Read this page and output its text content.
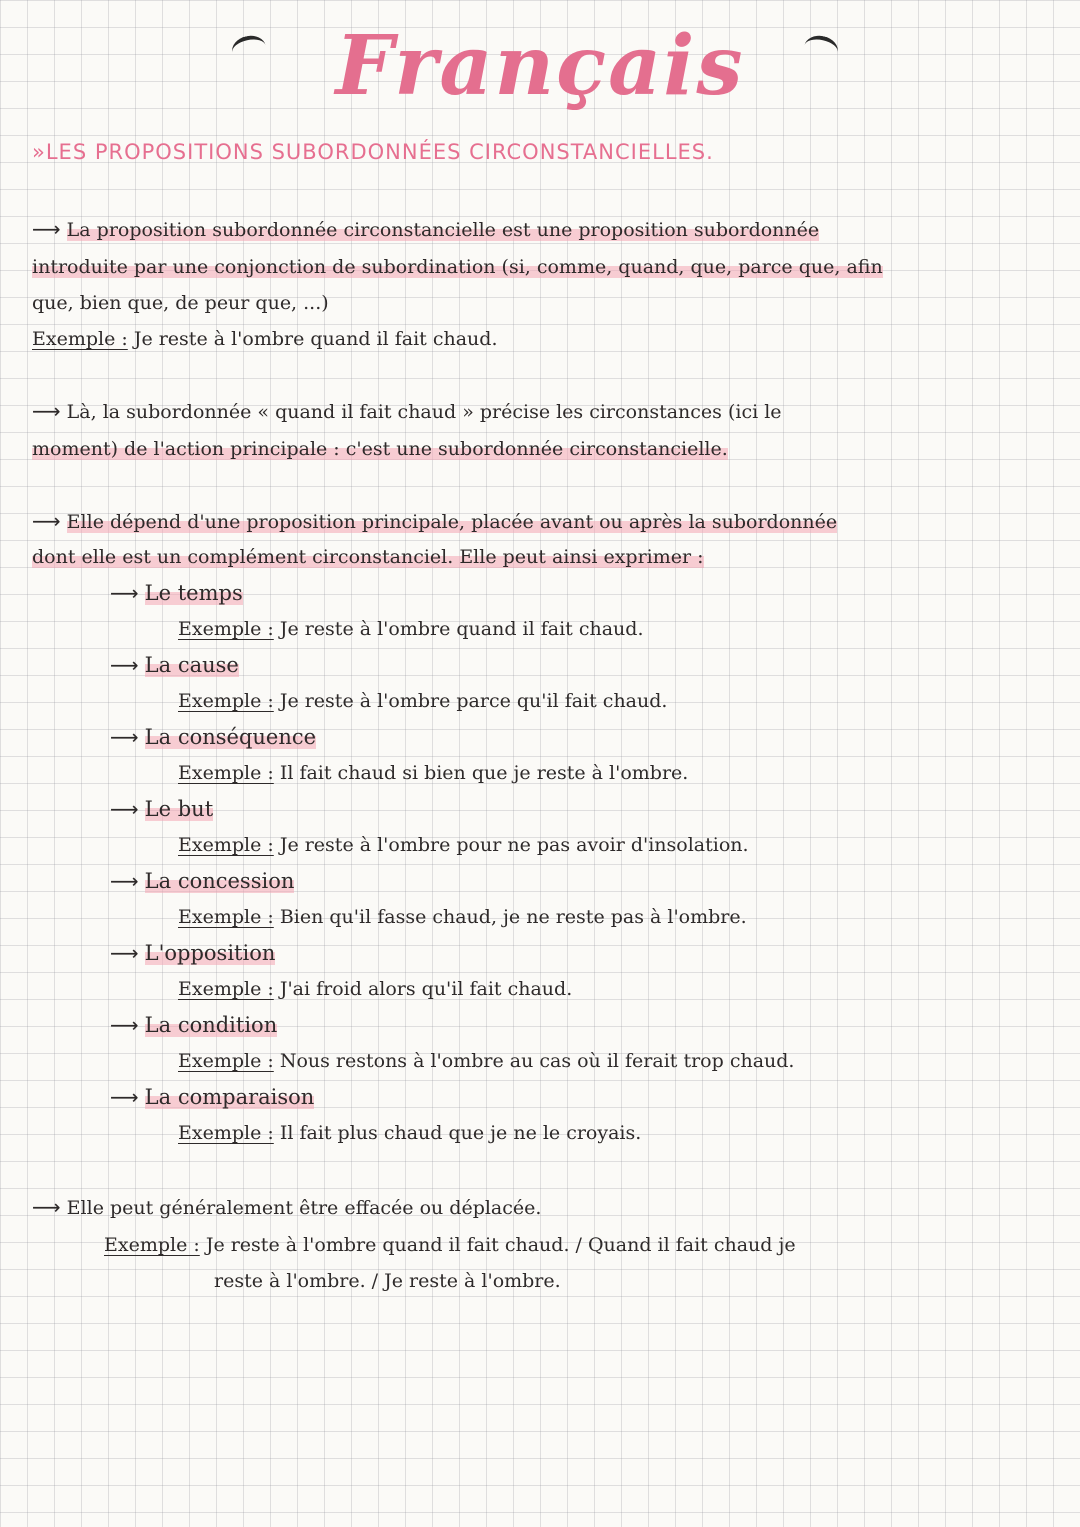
Français
»LES PROPOSITIONS SUBORDONNÉES CIRCONSTANCIELLES.
⟶ La proposition subordonnée circonstancielle est une proposition subordonnée
introduite par une conjonction de subordination (si, comme, quand, que, parce que, afin
que, bien que, de peur que, ...)
Exemple : Je reste à l'ombre quand il fait chaud.
⟶ Là, la subordonnée « quand il fait chaud » précise les circonstances (ici le
moment) de l'action principale : c'est une subordonnée circonstancielle.
⟶ Elle dépend d'une proposition principale, placée avant ou après la subordonnée
dont elle est un complément circonstanciel. Elle peut ainsi exprimer :
⟶ Le temps
Exemple : Je reste à l'ombre quand il fait chaud.
⟶ La cause
Exemple : Je reste à l'ombre parce qu'il fait chaud.
⟶ La conséquence
Exemple : Il fait chaud si bien que je reste à l'ombre.
⟶ Le but
Exemple : Je reste à l'ombre pour ne pas avoir d'insolation.
⟶ La concession
Exemple : Bien qu'il fasse chaud, je ne reste pas à l'ombre.
⟶ L'opposition
Exemple : J'ai froid alors qu'il fait chaud.
⟶ La condition
Exemple : Nous restons à l'ombre au cas où il ferait trop chaud.
⟶ La comparaison
Exemple : Il fait plus chaud que je ne le croyais.
⟶ Elle peut généralement être effacée ou déplacée.
Exemple : Je reste à l'ombre quand il fait chaud. / Quand il fait chaud je
reste à l'ombre. / Je reste à l'ombre.
